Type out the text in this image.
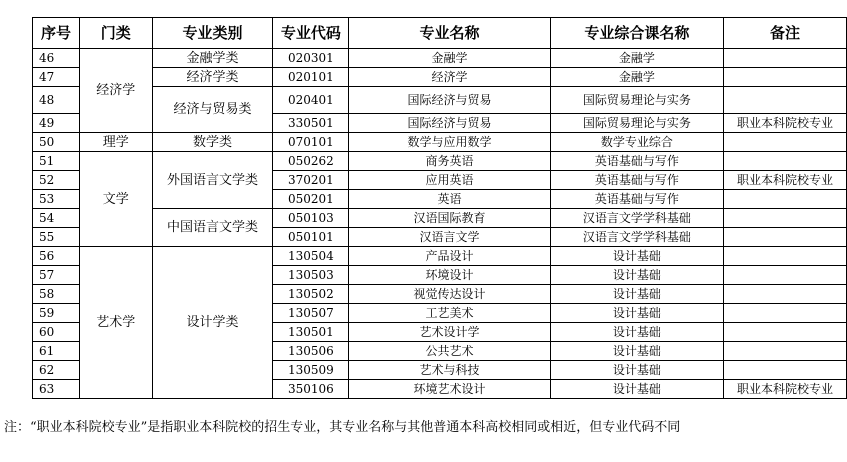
序号	门类	专业类别	专业代码	专业名称	专业综合课名称	备注
46	经济学	金融学类	020301	金融学	金融学	
47		经济学类	020101	经济学	金融学	
48		经济与贸易类	020401	国际经济与贸易	国际贸易理论与实务	
49			330501	国际经济与贸易	国际贸易理论与实务	职业本科院校专业
50	理学	数学类	070101	数学与应用数学	数学专业综合	
51	文学	外国语言文学类	050262	商务英语	英语基础与写作	
52			370201	应用英语	英语基础与写作	职业本科院校专业
53			050201	英语	英语基础与写作	
54		中国语言文学类	050103	汉语国际教育	汉语言文学学科基础	
55			050101	汉语言文学	汉语言文学学科基础	
56	艺术学	设计学类	130504	产品设计	设计基础	
57			130503	环境设计	设计基础	
58			130502	视觉传达设计	设计基础	
59			130507	工艺美术	设计基础	
60			130501	艺术设计学	设计基础	
61			130506	公共艺术	设计基础	
62			130509	艺术与科技	设计基础	
63			350106	环境艺术设计	设计基础	职业本科院校专业
注：“职业本科院校专业”是指职业本科院校的招生专业，其专业名称与其他普通本科高校相同或相近，但专业代码不同
